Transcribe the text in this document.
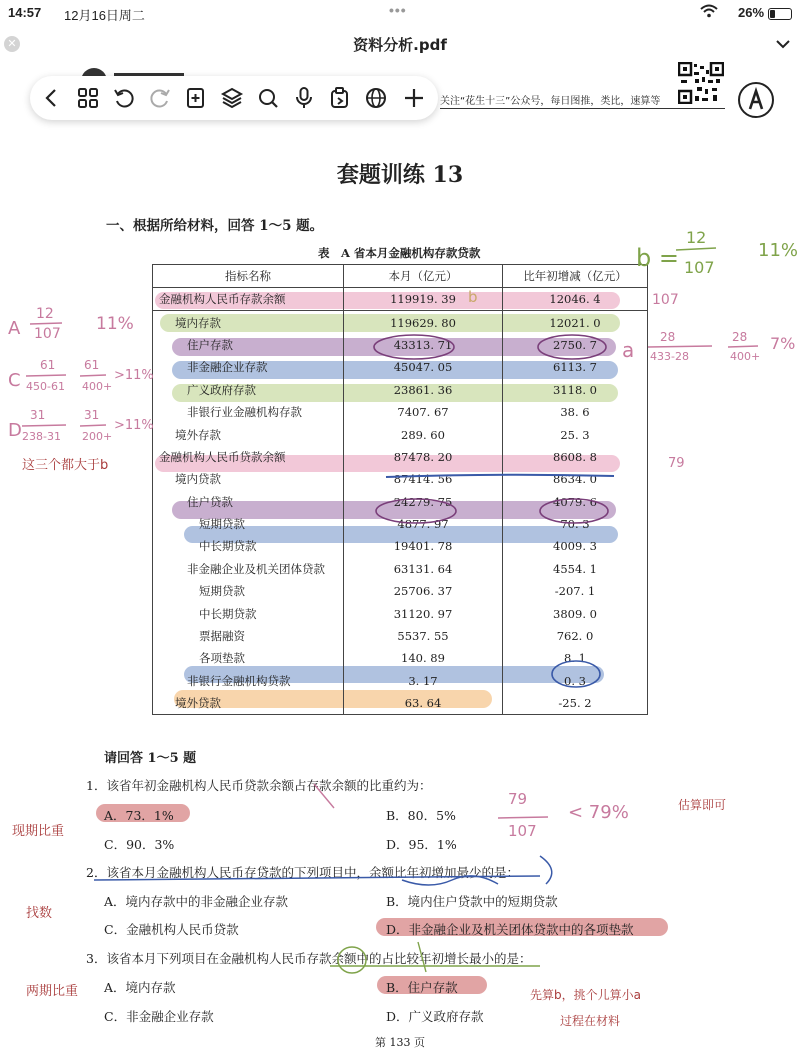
14:57 12月16日周二	•••	26%
✕	资料分析.pdf
关注“花生十三”公众号，每日图推，类比，速算等
套题训练 13
一、根据所给材料，回答 1～5 题。
表　A 省本月金融机构存款贷款
指标名称	本月（亿元）	比年初增减（亿元）
金融机构人民币存款余额	119919. 39	12046. 4
境内存款	119629. 80	12021. 0
住户存款	43313. 71	2750. 7
非金融企业存款	45047. 05	6113. 7
广义政府存款	23861. 36	3118. 0
非银行业金融机构存款	7407. 67	38. 6
境外存款	289. 60	25. 3
金融机构人民币贷款余额	87478. 20	8608. 8
境内贷款	87414. 56	8634. 0
住户贷款	24279. 75	4079. 6
短期贷款	4877. 97	70. 3
中长期贷款	19401. 78	4009. 3
非金融企业及机关团体贷款	63131. 64	4554. 1
短期贷款	25706. 37	-207. 1
中长期贷款	31120. 97	3809. 0
票据融资	5537. 55	762. 0
各项垫款	140. 89	8. 1
非银行金融机构贷款	3. 17	0. 3
境外贷款	63. 64	-25. 2
请回答 1～5 题
1．该省年初金融机构人民币贷款余额占存款余额的比重约为：
A．73．1%	B．80．5%
C．90．3%	D．95．1%
2．该省本月金融机构人民币存贷款的下列项目中，余额比年初增加最少的是：
A．境内存款中的非金融企业存款	B．境内住户贷款中的短期贷款
C．金融机构人民币贷款	D．非金融企业及机关团体贷款中的各项垫款
3．该省本月下列项目在金融机构人民币存款余额中的占比较年初增长最小的是：
A．境内存款	B．住户存款
C．非金融企业存款	D．广义政府存款
第 133 页
b =
12
107
11%
107
A
12
107 11%
C
61
450-61
61
400+
>11%
D
31
238-31
31
200+
>11%
这三个都大于b
a
28
433-28
28
400+
7%
b
79
79
107
< 79%	估算即可
现期比重
找数
两期比重	先算b，挑个儿算小a
过程在材料
